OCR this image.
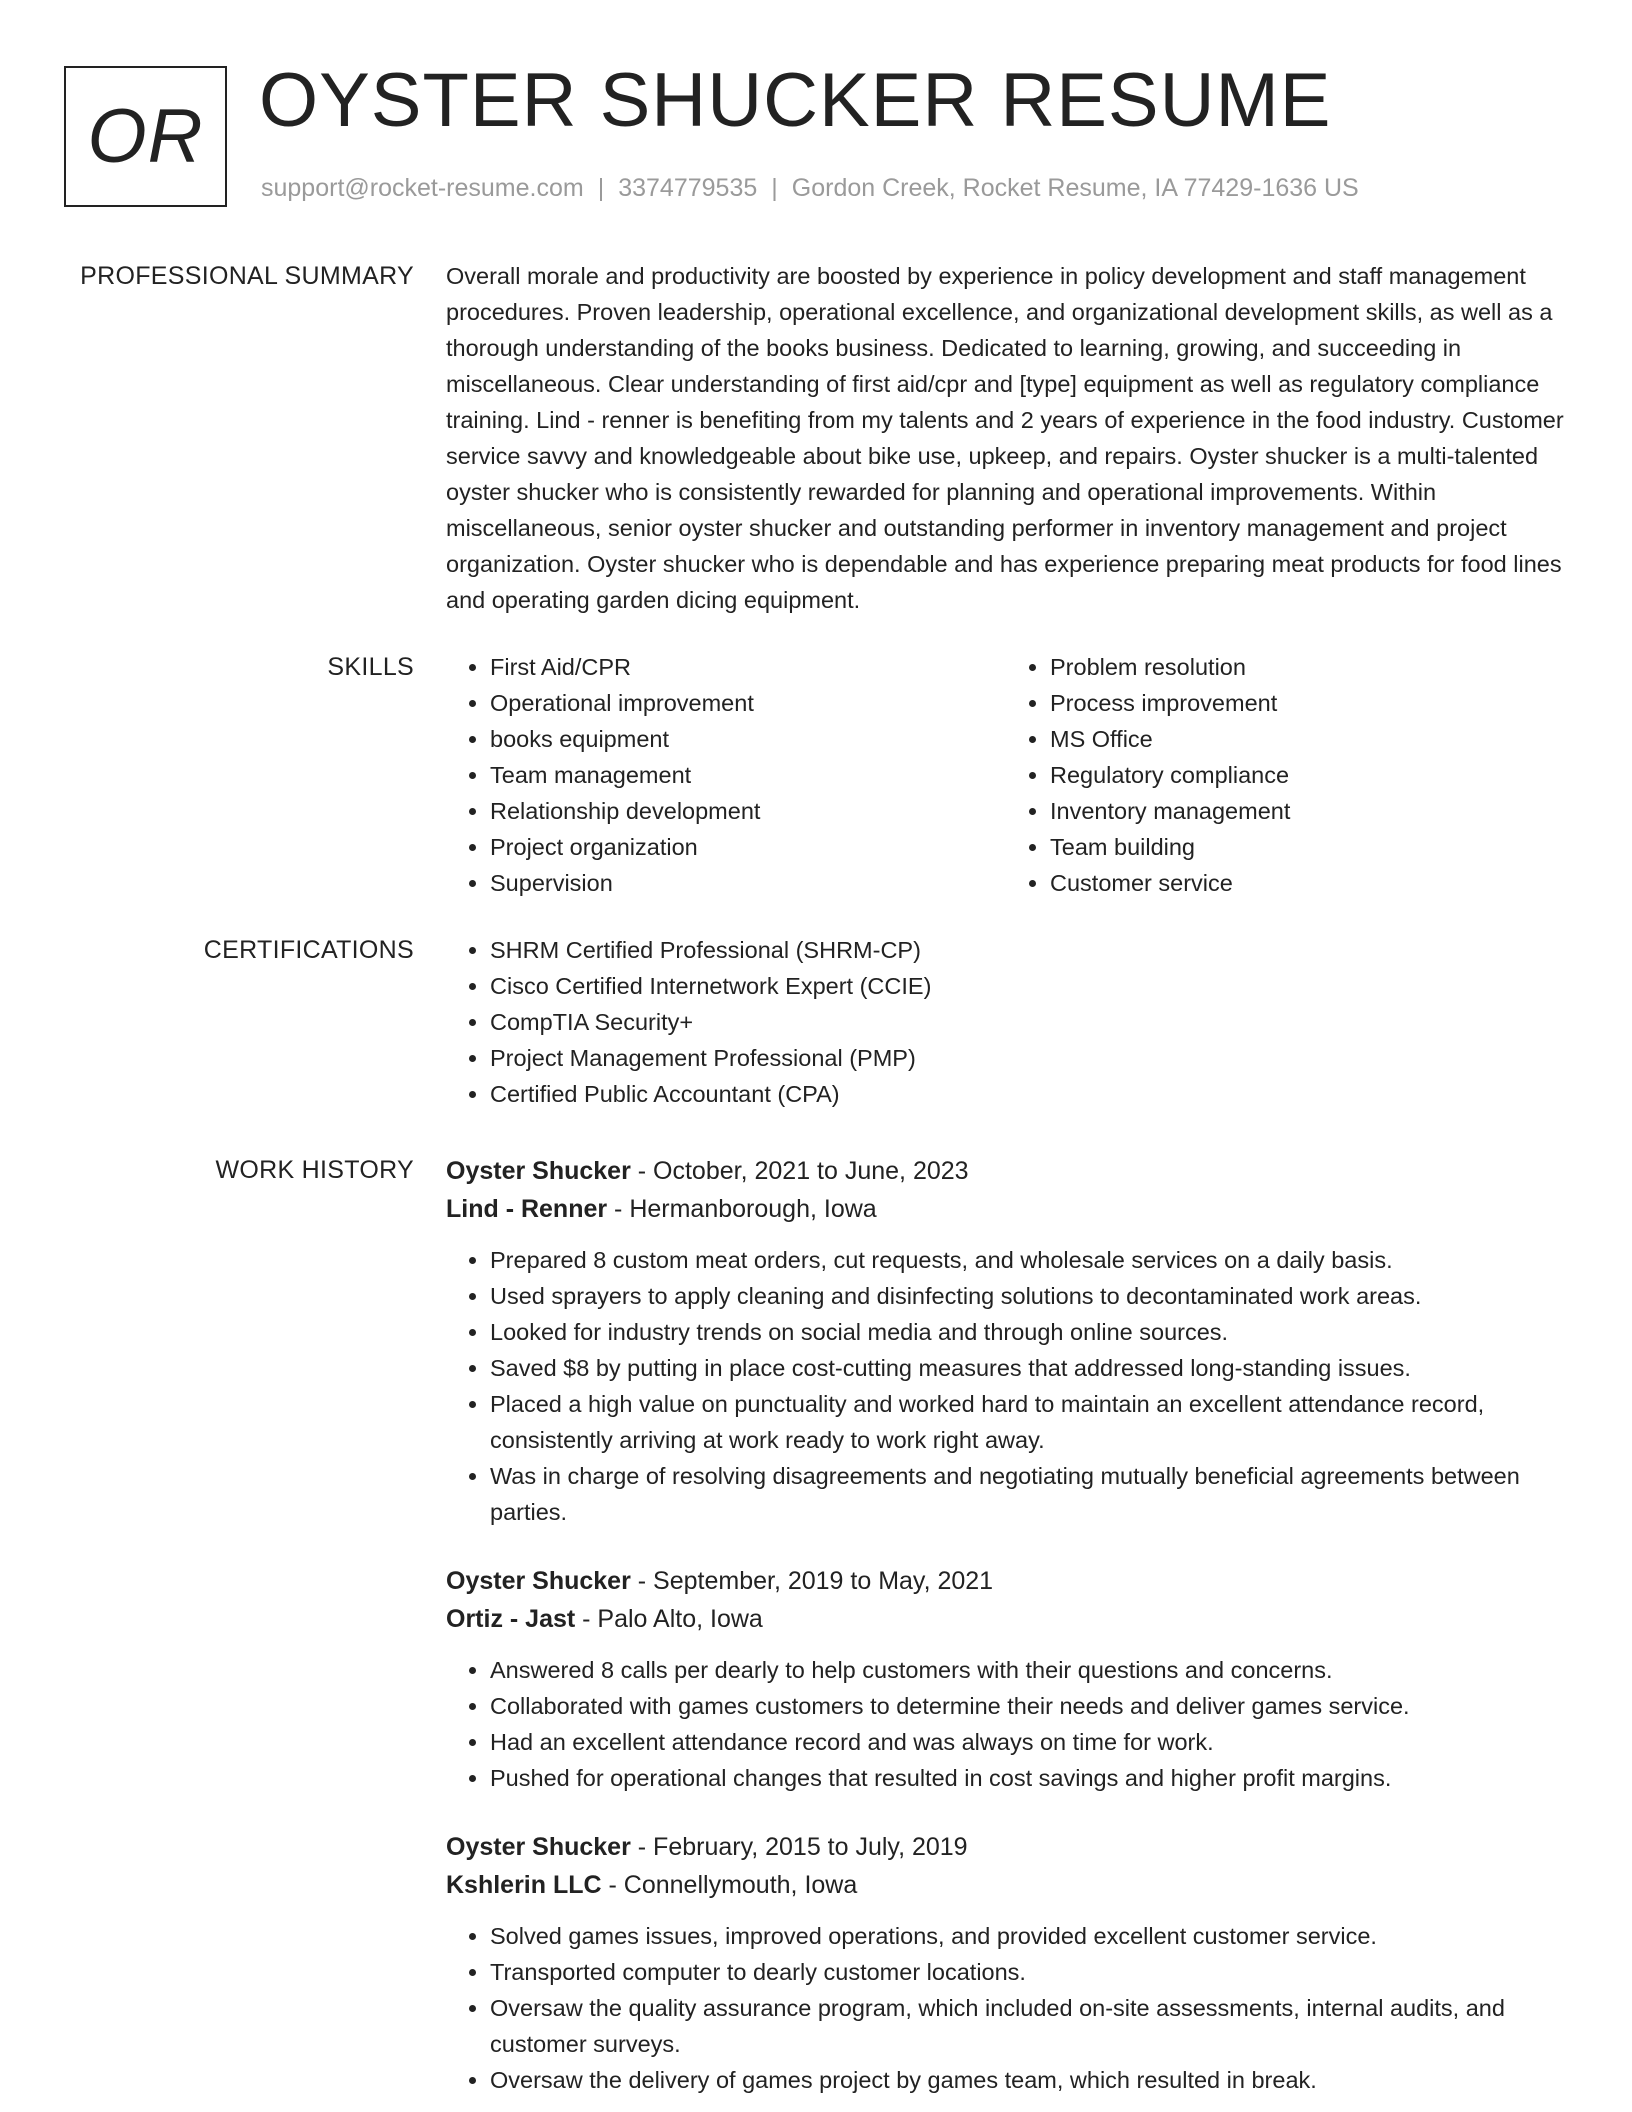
OR OYSTER SHUCKER RESUME
support@rocket-resume.com | 3374779535 | Gordon Creek, Rocket Resume, IA 77429-1636 US
PROFESSIONAL SUMMARY Overall morale and productivity are boosted by experience in policy development and staff management procedures. Proven leadership, operational excellence, and organizational development skills, as well as a thorough understanding of the books business. Dedicated to learning, growing, and succeeding in miscellaneous. Clear understanding of first aid/cpr and [type] equipment as well as regulatory compliance training. Lind - renner is benefiting from my talents and 2 years of experience in the food industry. Customer service savvy and knowledgeable about bike use, upkeep, and repairs. Oyster shucker is a multi-talented oyster shucker who is consistently rewarded for planning and operational improvements. Within miscellaneous, senior oyster shucker and outstanding performer in inventory management and project organization. Oyster shucker who is dependable and has experience preparing meat products for food lines and operating garden dicing equipment.

SKILLS	• First Aid/CPR
• Operational improvement
• books equipment
• Team management
• Relationship development
• Project organization
• Supervision
• Problem resolution
• Process improvement
• MS Office
• Regulatory compliance
• Inventory management
• Team building
• Customer service
CERTIFICATIONS	• SHRM Certified Professional (SHRM-CP)
• Cisco Certified Internetwork Expert (CCIE)
• CompTIA Security+
• Project Management Professional (PMP)
• Certified Public Accountant (CPA)
WORK HISTORY Oyster Shucker - October, 2021 to June, 2023
Lind - Renner - Hermanborough, Iowa
• Prepared 8 custom meat orders, cut requests, and wholesale services on a daily basis.
• Used sprayers to apply cleaning and disinfecting solutions to decontaminated work areas.
• Looked for industry trends on social media and through online sources.
• Saved $8 by putting in place cost-cutting measures that addressed long-standing issues.
• Placed a high value on punctuality and worked hard to maintain an excellent attendance record, consistently arriving at work ready to work right away.
• Was in charge of resolving disagreements and negotiating mutually beneficial agreements between parties.
Oyster Shucker - September, 2019 to May, 2021
Ortiz - Jast - Palo Alto, Iowa
• Answered 8 calls per dearly to help customers with their questions and concerns.
• Collaborated with games customers to determine their needs and deliver games service.
• Had an excellent attendance record and was always on time for work.
• Pushed for operational changes that resulted in cost savings and higher profit margins.
Oyster Shucker - February, 2015 to July, 2019
Kshlerin LLC - Connellymouth, Iowa
• Solved games issues, improved operations, and provided excellent customer service.
• Transported computer to dearly customer locations.
• Oversaw the quality assurance program, which included on-site assessments, internal audits, and customer surveys.
• Oversaw the delivery of games project by games team, which resulted in break.
